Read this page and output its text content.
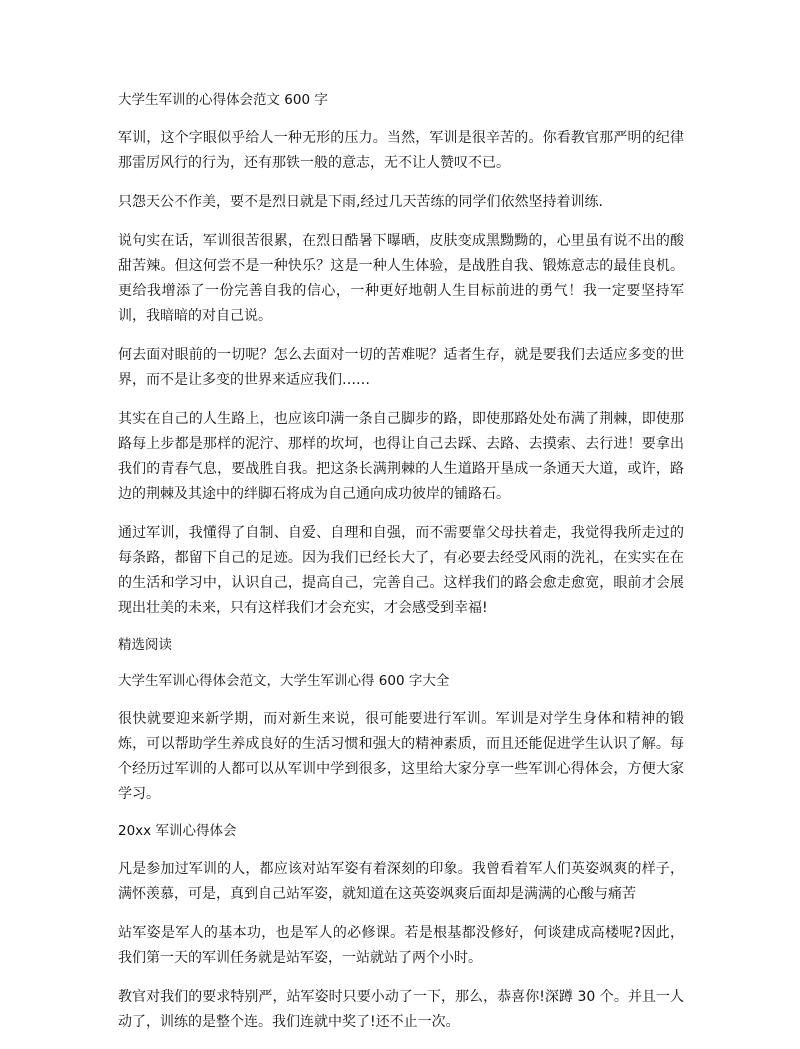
大学生军训的心得体会范文 600 字

军训，这个字眼似乎给人一种无形的压力。当然，军训是很辛苦的。你看教官那严明的纪律那雷厉风行的行为，还有那铁一般的意志，无不让人赞叹不已。

只怨天公不作美，要不是烈日就是下雨,经过几天苦练的同学们依然坚持着训练.

说句实在话，军训很苦很累，在烈日酷暑下曝晒，皮肤变成黑黝黝的，心里虽有说不出的酸甜苦辣。但这何尝不是一种快乐？这是一种人生体验，是战胜自我、锻炼意志的最佳良机。更给我增添了一份完善自我的信心，一种更好地朝人生目标前进的勇气！我一定要坚持军训，我暗暗的对自己说。

何去面对眼前的一切呢？怎么去面对一切的苦难呢？适者生存，就是要我们去适应多变的世界，而不是让多变的世界来适应我们……

其实在自己的人生路上，也应该印满一条自己脚步的路，即使那路处处布满了荆棘，即使那路每上步都是那样的泥泞、那样的坎坷，也得让自己去踩、去路、去摸索、去行进！要拿出我们的青春气息，要战胜自我。把这条长满荆棘的人生道路开垦成一条通天大道，或许，路边的荆棘及其途中的绊脚石将成为自己通向成功彼岸的铺路石。

通过军训，我懂得了自制、自爱、自理和自强，而不需要靠父母扶着走，我觉得我所走过的每条路，都留下自己的足迹。因为我们已经长大了，有必要去经受风雨的洗礼，在实实在在的生活和学习中，认识自己，提高自己，完善自己。这样我们的路会愈走愈宽，眼前才会展现出壮美的未来，只有这样我们才会充实，才会感受到幸福!

精选阅读
大学生军训心得体会范文，大学生军训心得 600 字大全

很快就要迎来新学期，而对新生来说，很可能要进行军训。军训是对学生身体和精神的锻炼，可以帮助学生养成良好的生活习惯和强大的精神素质，而且还能促进学生认识了解。每个经历过军训的人都可以从军训中学到很多，这里给大家分享一些军训心得体会，方便大家学习。

20xx 军训心得体会

凡是参加过军训的人，都应该对站军姿有着深刻的印象。我曾看着军人们英姿飒爽的样子，满怀羡慕，可是，真到自己站军姿，就知道在这英姿飒爽后面却是满满的心酸与痛苦

站军姿是军人的基本功，也是军人的必修课。若是根基都没修好，何谈建成高楼呢?因此，我们第一天的军训任务就是站军姿，一站就站了两个小时。

教官对我们的要求特别严，站军姿时只要小动了一下，那么，恭喜你!深蹲 30 个。并且一人动了，训练的是整个连。我们连就中奖了!还不止一次。
